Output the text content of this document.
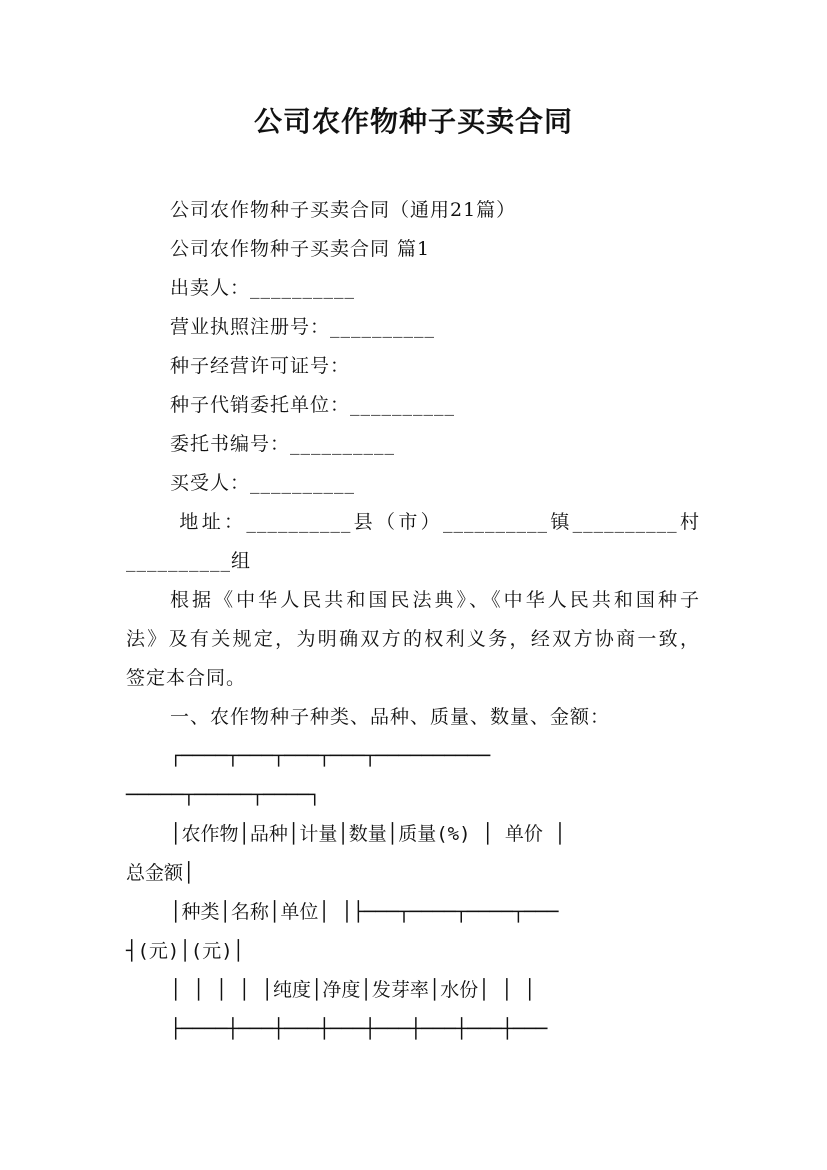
公司农作物种子买卖合同
公司农作物种子买卖合同（通用21篇）
公司农作物种子买卖合同 篇1
出卖人：__________
营业执照注册号：__________
种子经营许可证号：
种子代销委托单位：__________
委托书编号：__________
买受人：__________
地址：__________县（市）__________镇__________村
__________组
根据《中华人民共和国民法典》、《中华人民共和国种子
法》及有关规定，为明确双方的权利义务，经双方协商一致，
签定本合同。
一、农作物种子种类、品种、质量、数量、金额：
┌────┬───┬───┬───┬──────────
─────┬─────┬────┐
│农作物│品种│计量│数量│质量(%) │ 单价 │
总金额│
│种类│名称│单位│ │├───┬────┬────┬───
┤(元)│(元)│
│ │ │ │ │纯度│净度│发芽率│水份│ │ │
├────┼───┼───┼───┼───┼───┼───┼───
